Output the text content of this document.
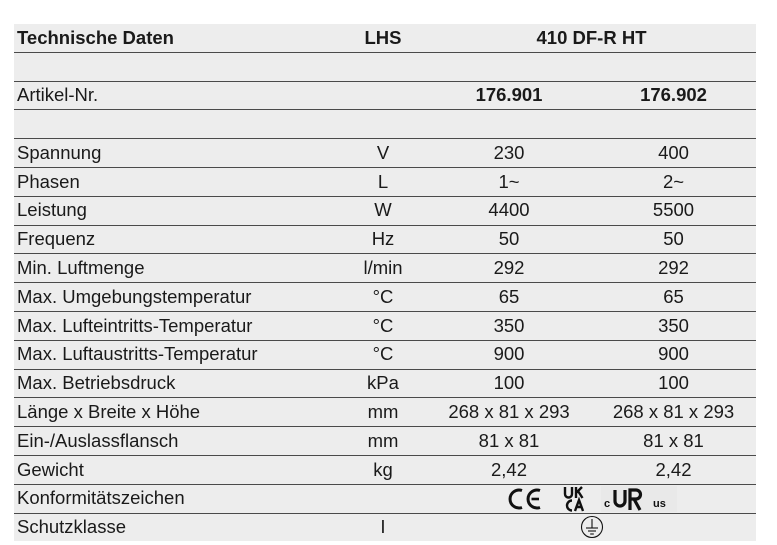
Technische Daten	LHS	410 DF-R HT	

Artikel-Nr.		176.901	176.902

Spannung	V	230	400
Phasen	L	1~	2~
Leistung	W	4400	5500
Frequenz	Hz	50	50
Min. Luftmenge	l/min	292	292
Max. Umgebungstemperatur	°C	65	65
Max. Lufteintritts-Temperatur	°C	350	350
Max. Luftaustritts-Temperatur	°C	900	900
Max. Betriebsdruck	kPa	100	100
Länge x Breite x Höhe	mm	268 x 81 x 293	268 x 81 x 293
Ein-/Auslassflansch	mm	81 x 81	81 x 81
Gewicht	kg	2,42	2,42
Konformitätszeichen		c us	

Schutzklasse	I	
